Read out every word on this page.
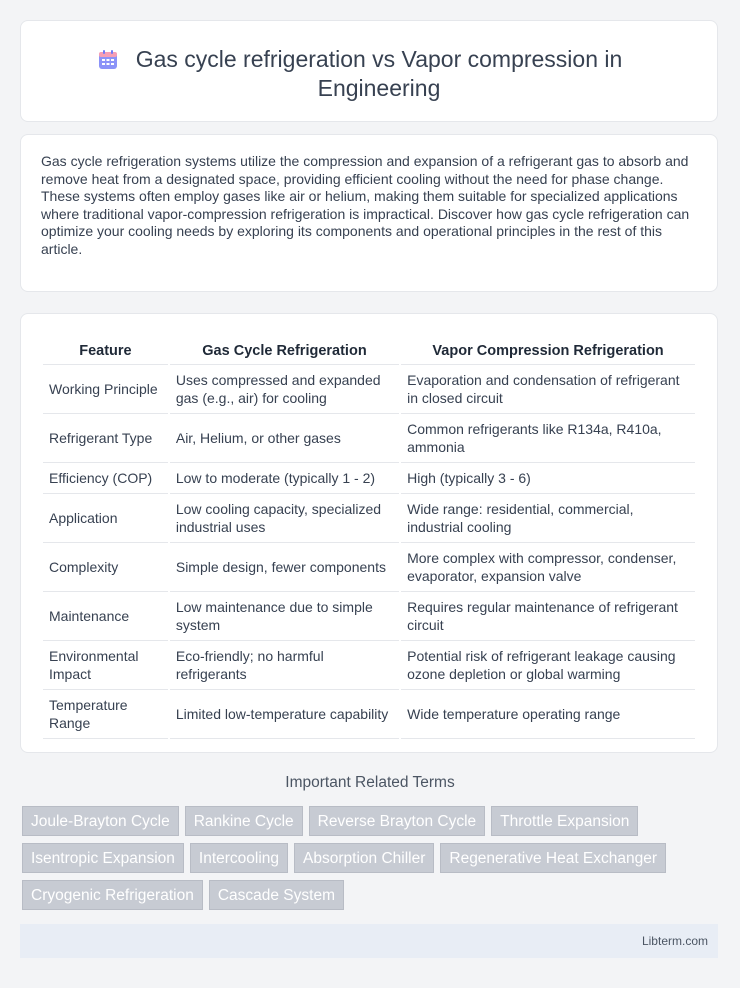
Gas cycle refrigeration vs Vapor compression in Engineering
Gas cycle refrigeration systems utilize the compression and expansion of a refrigerant gas to absorb and remove heat from a designated space, providing efficient cooling without the need for phase change. These systems often employ gases like air or helium, making them suitable for specialized applications where traditional vapor-compression refrigeration is impractical. Discover how gas cycle refrigeration can optimize your cooling needs by exploring its components and operational principles in the rest of this article.
Feature	Gas Cycle Refrigeration	Vapor Compression Refrigeration
Working Principle	Uses compressed and expanded gas (e.g., air) for cooling	Evaporation and condensation of refrigerant in closed circuit
Refrigerant Type	Air, Helium, or other gases	Common refrigerants like R134a, R410a, ammonia
Efficiency (COP)	Low to moderate (typically 1 - 2)	High (typically 3 - 6)
Application	Low cooling capacity, specialized industrial uses	Wide range: residential, commercial, industrial cooling
Complexity	Simple design, fewer components	More complex with compressor, condenser, evaporator, expansion valve
Maintenance	Low maintenance due to simple system	Requires regular maintenance of refrigerant circuit
Environmental Impact	Eco-friendly; no harmful refrigerants	Potential risk of refrigerant leakage causing ozone depletion or global warming
Temperature Range	Limited low-temperature capability	Wide temperature operating range
Important Related Terms
Joule-Brayton Cycle	Rankine Cycle	Reverse Brayton Cycle	Throttle Expansion
Isentropic Expansion	Intercooling	Absorption Chiller	Regenerative Heat Exchanger
Cryogenic Refrigeration	Cascade System
Libterm.com
